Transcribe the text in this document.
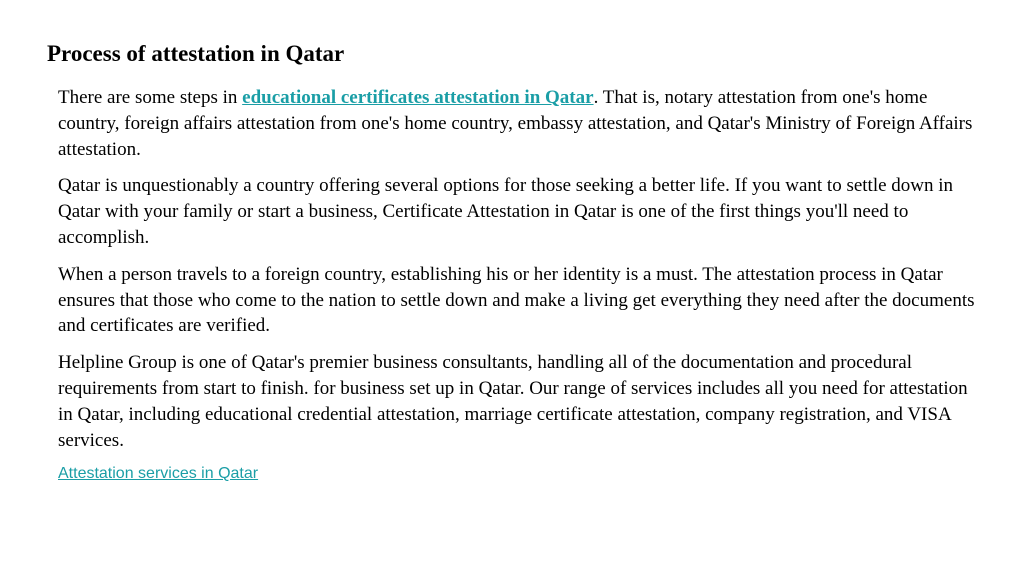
Process of attestation in Qatar

There are some steps in educational certificates attestation in Qatar. That is, notary attestation from one's home country, foreign affairs attestation from one's home country, embassy attestation, and Qatar's Ministry of Foreign Affairs attestation.

Qatar is unquestionably a country offering several options for those seeking a better life. If you want to settle down in Qatar with your family or start a business, Certificate Attestation in Qatar is one of the first things you'll need to accomplish.

When a person travels to a foreign country, establishing his or her identity is a must. The attestation process in Qatar ensures that those who come to the nation to settle down and make a living get everything they need after the documents and certificates are verified.

Helpline Group is one of Qatar's premier business consultants, handling all of the documentation and procedural requirements from start to finish. for business set up in Qatar. Our range of services includes all you need for attestation in Qatar, including educational credential attestation, marriage certificate attestation, company registration, and VISA services.

Attestation services in Qatar
